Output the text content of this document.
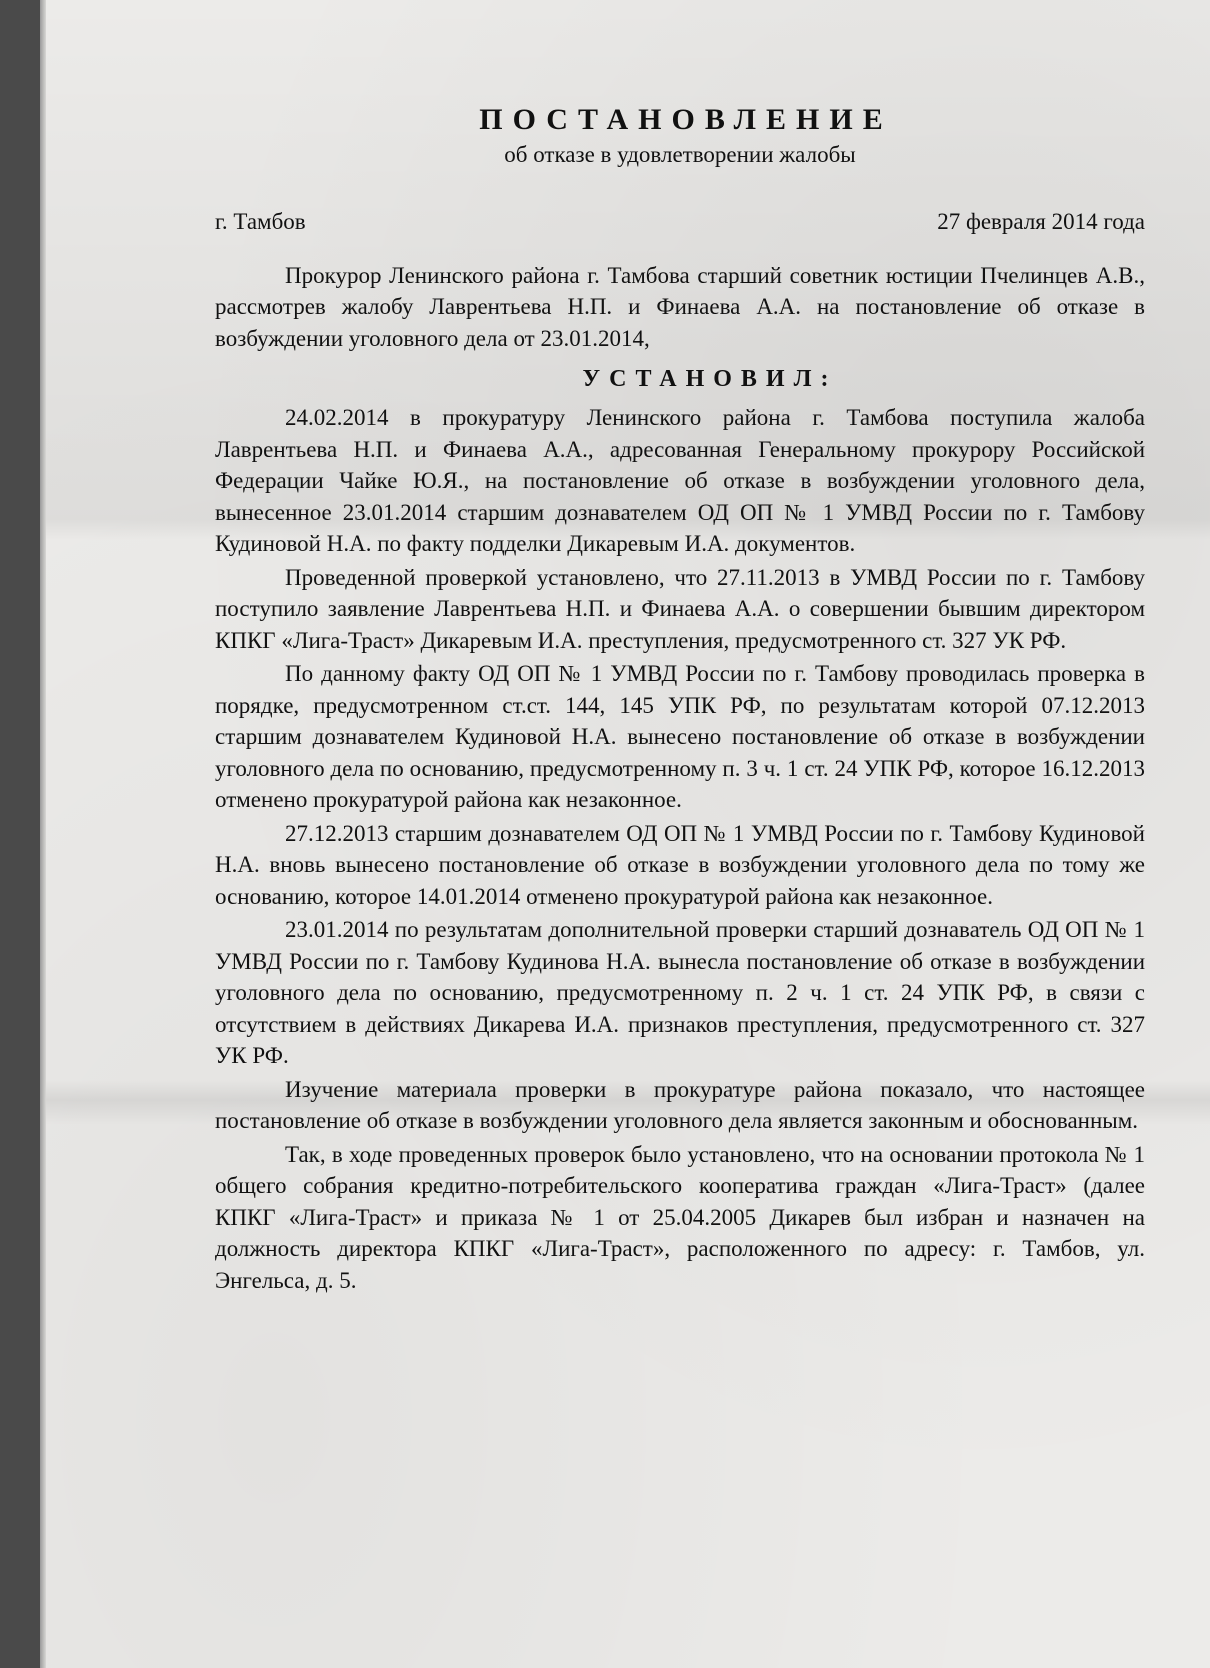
ПОСТАНОВЛЕНИЕ
об отказе в удовлетворении жалобы
г. Тамбов	27 февраля 2014 года

Прокурор Ленинского района г. Тамбова старший советник юстиции Пчелинцев А.В., рассмотрев жалобу Лаврентьева Н.П. и Финаева А.А. на постановление об отказе в возбуждении уголовного дела от 23.01.2014,

УСТАНОВИЛ:

24.02.2014 в прокуратуру Ленинского района г. Тамбова поступила жалоба Лаврентьева Н.П. и Финаева А.А., адресованная Генеральному прокурору Российской Федерации Чайке Ю.Я., на постановление об отказе в возбуждении уголовного дела, вынесенное 23.01.2014 старшим дознавателем ОД ОП № 1 УМВД России по г. Тамбову Кудиновой Н.А. по факту подделки Дикаревым И.А. документов.

Проведенной проверкой установлено, что 27.11.2013 в УМВД России по г. Тамбову поступило заявление Лаврентьева Н.П. и Финаева А.А. о совершении бывшим директором КПКГ «Лига-Траст» Дикаревым И.А. преступления, предусмотренного ст. 327 УК РФ.

По данному факту ОД ОП № 1 УМВД России по г. Тамбову проводилась проверка в порядке, предусмотренном ст.ст. 144, 145 УПК РФ, по результатам которой 07.12.2013 старшим дознавателем Кудиновой Н.А. вынесено постановление об отказе в возбуждении уголовного дела по основанию, предусмотренному п. 3 ч. 1 ст. 24 УПК РФ, которое 16.12.2013 отменено прокуратурой района как незаконное.

27.12.2013 старшим дознавателем ОД ОП № 1 УМВД России по г. Тамбову Кудиновой Н.А. вновь вынесено постановление об отказе в возбуждении уголовного дела по тому же основанию, которое 14.01.2014 отменено прокуратурой района как незаконное.

23.01.2014 по результатам дополнительной проверки старший дознаватель ОД ОП № 1 УМВД России по г. Тамбову Кудинова Н.А. вынесла постановление об отказе в возбуждении уголовного дела по основанию, предусмотренному п. 2 ч. 1 ст. 24 УПК РФ, в связи с отсутствием в действиях Дикарева И.А. признаков преступления, предусмотренного ст. 327 УК РФ.

Изучение материала проверки в прокуратуре района показало, что настоящее постановление об отказе в возбуждении уголовного дела является законным и обоснованным.

Так, в ходе проведенных проверок было установлено, что на основании протокола № 1 общего собрания кредитно-потребительского кооператива граждан «Лига-Траст» (далее КПКГ «Лига-Траст» и приказа № 1 от 25.04.2005 Дикарев был избран и назначен на должность директора КПКГ «Лига-Траст», расположенного по адресу: г. Тамбов, ул. Энгельса, д. 5.
